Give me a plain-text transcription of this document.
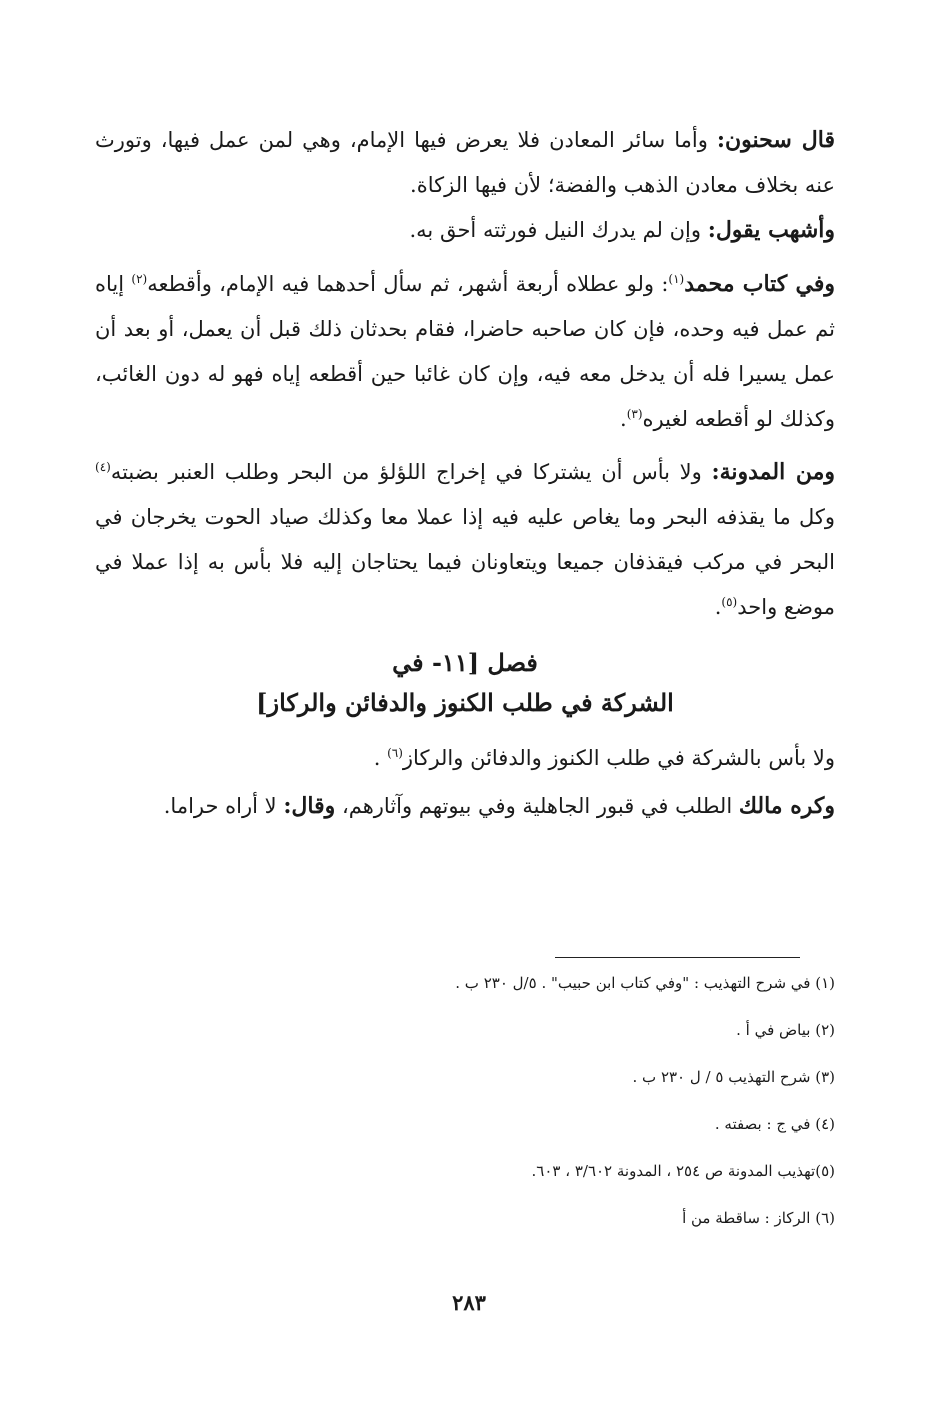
قال سحنون: وأما سائر المعادن فلا يعرض فيها الإمام، وهي لمن عمل فيها، وتورث عنه بخلاف معادن الذهب والفضة؛ لأن فيها الزكاة.

وأشهب يقول: وإن لم يدرك النيل فورثته أحق به.

وفي كتاب محمد$^{(١)}$: ولو عطلاه أربعة أشهر، ثم سأل أحدهما فيه الإمام، وأقطعه$^{(٢)}$ إياه ثم عمل فيه وحده، فإن كان صاحبه حاضرا، فقام بحدثان ذلك قبل أن يعمل، أو بعد أن عمل يسيرا فله أن يدخل معه فيه، وإن كان غائبا حين أقطعه إياه فهو له دون الغائب، وكذلك لو أقطعه لغيره$^{(٣)}$.

ومن المدونة: ولا بأس أن يشتركا في إخراج اللؤلؤ من البحر وطلب العنبر بضبته$^{(٤)}$ وكل ما يقذفه البحر وما يغاص عليه فيه إذا عملا معا وكذلك صياد الحوت يخرجان في البحر في مركب فيقذفان جميعا ويتعاونان فيما يحتاجان إليه فلا بأس به إذا عملا في موضع واحد$^{(٥)}$.

فصل [١١- في
الشركة في طلب الكنوز والدفائن والركاز]

ولا بأس بالشركة في طلب الكنوز والدفائن والركاز$^{(٦)}$ .

وكره مالك الطلب في قبور الجاهلية وفي بيوتهم وآثارهم، وقال: لا أراه حراما.

(١) في شرح التهذيب : "وفي كتاب ابن حبيب" . ٥/ل ٢٣٠ ب .
(٢) بياض في أ .
(٣) شرح التهذيب ٥ / ل ٢٣٠ ب .
(٤) في ج : بصفته .
(٥)تهذيب المدونة ص ٢٥٤ ، المدونة ٣/٦٠٢ ، ٦٠٣.
(٦) الركاز : ساقطة من أ
٢٨٣
